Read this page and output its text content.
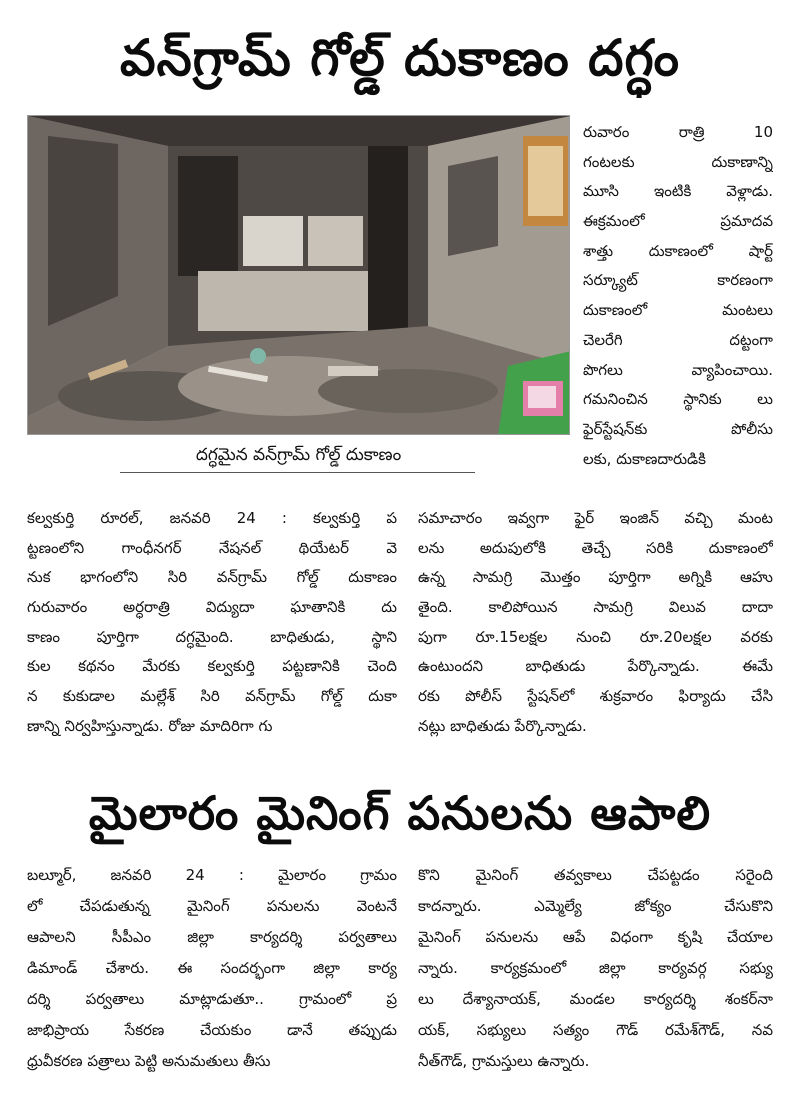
వన్‌గ్రామ్ గోల్డ్ దుకాణం దగ్ధం
దగ్ధమైన వన్‌గ్రామ్ గోల్డ్ దుకాణం
రువారం రాత్రి 10
గంటలకు దుకాణాన్ని
మూసి ఇంటికి వెళ్లాడు.
ఈక్రమంలో ప్రమాదవ
శాత్తు దుకాణంలో షార్ట్
సర్క్యూట్ కారణంగా
దుకాణంలో మంటలు
చెలరేగి దట్టంగా
పొగలు వ్యాపించాయి.
గమనించిన స్థానికు లు
ఫైర్‌స్టేషన్‌కు పోలీసు
లకు, దుకాణదారుడికి
కల్వకుర్తి రూరల్, జనవరి 24 : కల్వకుర్తి ప
ట్టణంలోని గాంధీనగర్ నేషనల్ థియేటర్ వె
నుక భాగంలోని సిరి వన్‌గ్రామ్ గోల్డ్ దుకాణం
గురువారం అర్ధరాత్రి విద్యుదా ఘాతానికి దు
కాణం పూర్తిగా దగ్ధమైంది. బాధితుడు, స్థాని
కుల కథనం మేరకు కల్వకుర్తి పట్టణానికి చెంది
న కుకుడాల మల్లేశ్ సిరి వన్‌గ్రామ్ గోల్డ్ దుకా
ణాన్ని నిర్వహిస్తున్నాడు. రోజు మాదిరిగా గు
సమాచారం ఇవ్వగా ఫైర్ ఇంజిన్ వచ్చి మంట
లను అదుపులోకి తెచ్చే సరికి దుకాణంలో
ఉన్న సామగ్రి మొత్తం పూర్తిగా అగ్నికి ఆహు
తైంది. కాలిపోయిన సామగ్రి విలువ దాదా
పుగా రూ.15లక్షల నుంచి రూ.20లక్షల వరకు
ఉంటుందని బాధితుడు పేర్కొన్నాడు. ఈమే
రకు పోలీస్ స్టేషన్‌లో శుక్రవారం ఫిర్యాదు చేసి
నట్లు బాధితుడు పేర్కొన్నాడు.
మైలారం మైనింగ్ పనులను ఆపాలి
బల్మూర్, జనవరి 24 : మైలారం గ్రామం
లో చేపడుతున్న మైనింగ్ పనులను వెంటనే
ఆపాలని సీపీఎం జిల్లా కార్యదర్శి పర్వతాలు
డిమాండ్ చేశారు. ఈ సందర్భంగా జిల్లా కార్య
దర్శి పర్వతాలు మాట్లాడుతూ.. గ్రామంలో ప్ర
జాభిప్రాయ సేకరణ చేయకుం డానే తప్పుడు
ధ్రువీకరణ పత్రాలు పెట్టి అనుమతులు తీసు
కొని మైనింగ్ తవ్వకాలు చేపట్టడం సరైంది
కాదన్నారు. ఎమ్మెల్యే జోక్యం చేసుకొని
మైనింగ్ పనులను ఆపే విధంగా కృషి చేయాల
న్నారు. కార్యక్రమంలో జిల్లా కార్యవర్గ సభ్యు
లు దేశ్యానాయక్, మండల కార్యదర్శి శంకర్‌నా
యక్, సభ్యులు సత్యం గౌడ్ రమేశ్‌గౌడ్, నవ
నీత్‌గౌడ్, గ్రామస్తులు ఉన్నారు.
